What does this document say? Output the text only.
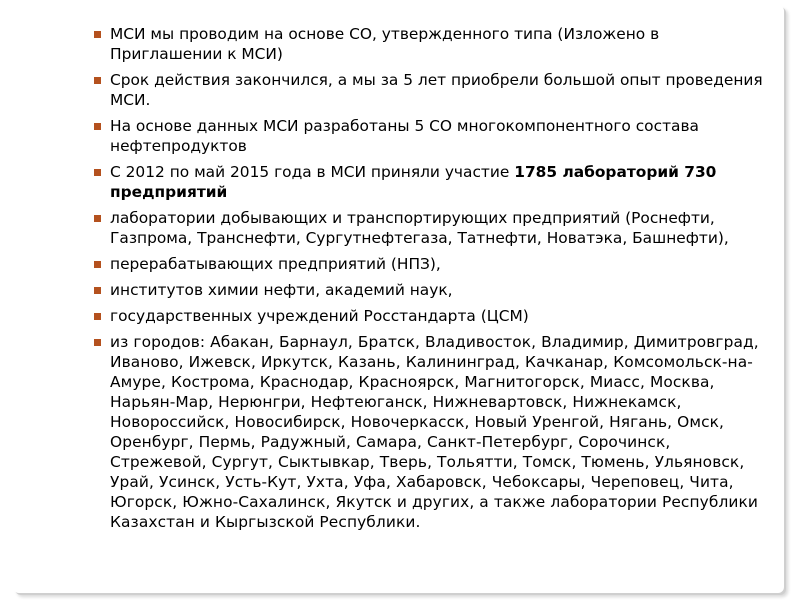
МСИ мы проводим на основе СО, утвержденного типа (Изложено в Приглашении к МСИ)
Срок действия закончился, а мы за 5 лет приобрели большой опыт проведения МСИ.
На основе данных МСИ разработаны 5 СО многокомпонентного состава нефтепродуктов
С 2012 по май 2015 года в МСИ приняли участие 1785 лабораторий 730 предприятий
лаборатории добывающих и транспортирующих предприятий (Роснефти, Газпрома, Транснефти, Сургутнефтегаза, Татнефти, Новатэка, Башнефти),
перерабатывающих предприятий (НПЗ),
институтов химии нефти, академий наук,
государственных учреждений Росстандарта (ЦСМ)
из городов: Абакан, Барнаул, Братск, Владивосток, Владимир, Димитровград, Иваново, Ижевск, Иркутск, Казань, Калининград, Качканар, Комсомольск-на-Амуре, Кострома, Краснодар, Красноярск, Магнитогорск, Миасс, Москва, Нарьян-Мар, Нерюнгри, Нефтеюганск, Нижневартовск, Нижнекамск, Новороссийск, Новосибирск, Новочеркасск, Новый Уренгой, Нягань, Омск, Оренбург, Пермь, Радужный, Самара, Санкт-Петербург, Сорочинск, Стрежевой, Сургут, Сыктывкар, Тверь, Тольятти, Томск, Тюмень, Ульяновск, Урай, Усинск, Усть-Кут, Ухта, Уфа, Хабаровск, Чебоксары, Череповец, Чита, Югорск, Южно-Сахалинск, Якутск и других, а также лаборатории Республики Казахстан и Кыргызской Республики.
